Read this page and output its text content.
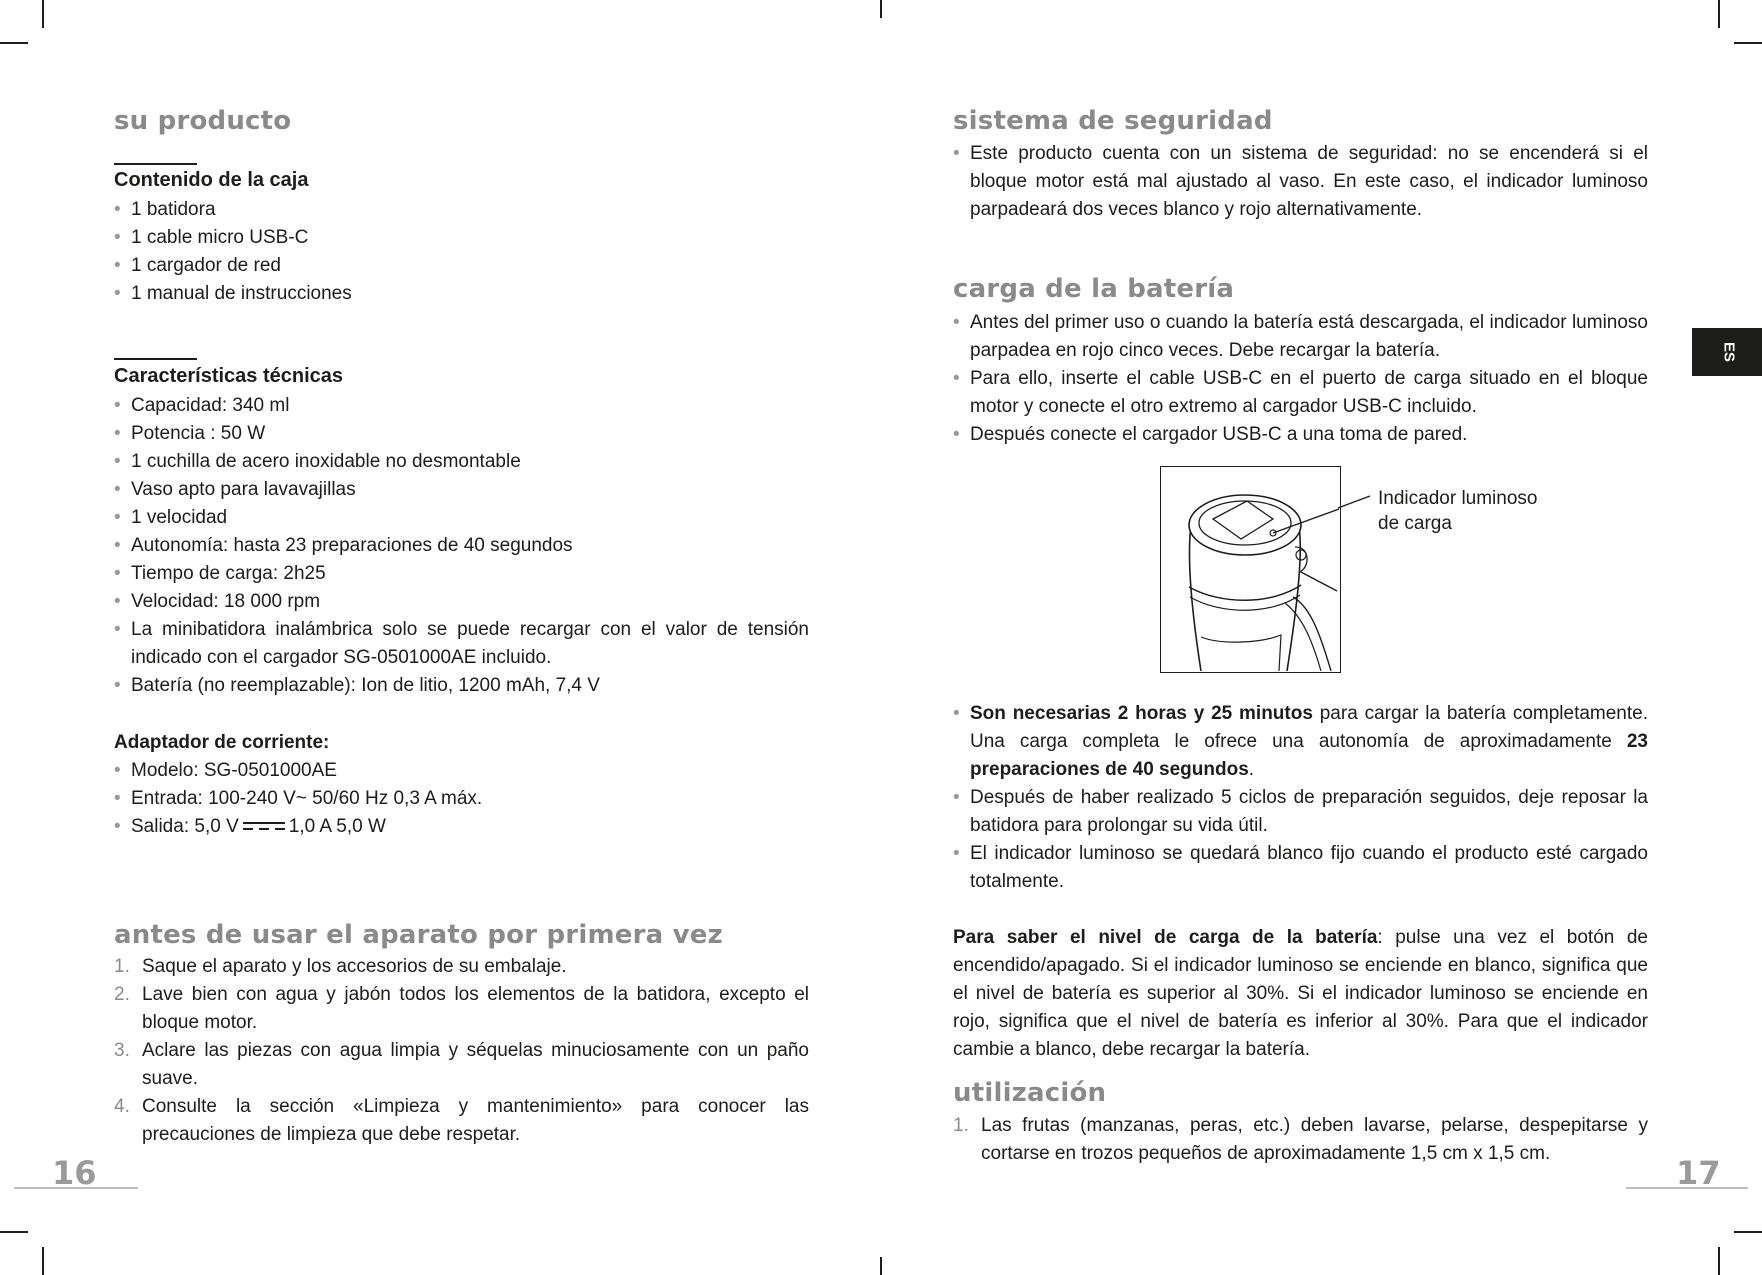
su producto
Contenido de la caja
• 1 batidora
• 1 cable micro USB-C
• 1 cargador de red
• 1 manual de instrucciones
Características técnicas
• Capacidad: 340 ml
• Potencia : 50 W
• 1 cuchilla de acero inoxidable no desmontable
• Vaso apto para lavavajillas
• 1 velocidad
• Autonomía: hasta 23 preparaciones de 40 segundos
• Tiempo de carga: 2h25
• Velocidad: 18 000 rpm
• La minibatidora inalámbrica solo se puede recargar con el valor de tensión indicado con el cargador SG-0501000AE incluido.
• Batería (no reemplazable): Ion de litio, 1200 mAh, 7,4 V
Adaptador de corriente:
• Modelo: SG-0501000AE
• Entrada: 100-240 V~ 50/60 Hz 0,3 A máx.
• Salida: 5,0 V	1,0 A 5,0 W
antes de usar el aparato por primera vez
1. Saque el aparato y los accesorios de su embalaje.
2. Lave bien con agua y jabón todos los elementos de la batidora, excepto el bloque motor.
3. Aclare las piezas con agua limpia y séquelas minuciosamente con un paño suave.
4. Consulte la sección «Limpieza y mantenimiento» para conocer las precauciones de limpieza que debe respetar.
16
sistema de seguridad
• Este producto cuenta con un sistema de seguridad: no se encenderá si el bloque motor está mal ajustado al vaso. En este caso, el indicador luminoso parpadeará dos veces blanco y rojo alternativamente.
carga de la batería
• Antes del primer uso o cuando la batería está descargada, el indicador luminoso parpadea en rojo cinco veces. Debe recargar la batería.
• Para ello, inserte el cable USB-C en el puerto de carga situado en el bloque motor y conecte el otro extremo al cargador USB-C incluido.
• Después conecte el cargador USB-C a una toma de pared.
Indicador luminoso
de carga
• Son necesarias 2 horas y 25 minutos para cargar la batería completamente. Una carga completa le ofrece una autonomía de aproximadamente 23 preparaciones de 40 segundos.
• Después de haber realizado 5 ciclos de preparación seguidos, deje reposar la batidora para prolongar su vida útil.
• El indicador luminoso se quedará blanco fijo cuando el producto esté cargado totalmente.

Para saber el nivel de carga de la batería: pulse una vez el botón de encendido/apagado. Si el indicador luminoso se enciende en blanco, significa que el nivel de batería es superior al 30%. Si el indicador luminoso se enciende en rojo, significa que el nivel de batería es inferior al 30%. Para que el indicador cambie a blanco, debe recargar la batería.

utilización
1. Las frutas (manzanas, peras, etc.) deben lavarse, pelarse, despepitarse y cortarse en trozos pequeños de aproximadamente 1,5 cm x 1,5 cm.
17
ES
